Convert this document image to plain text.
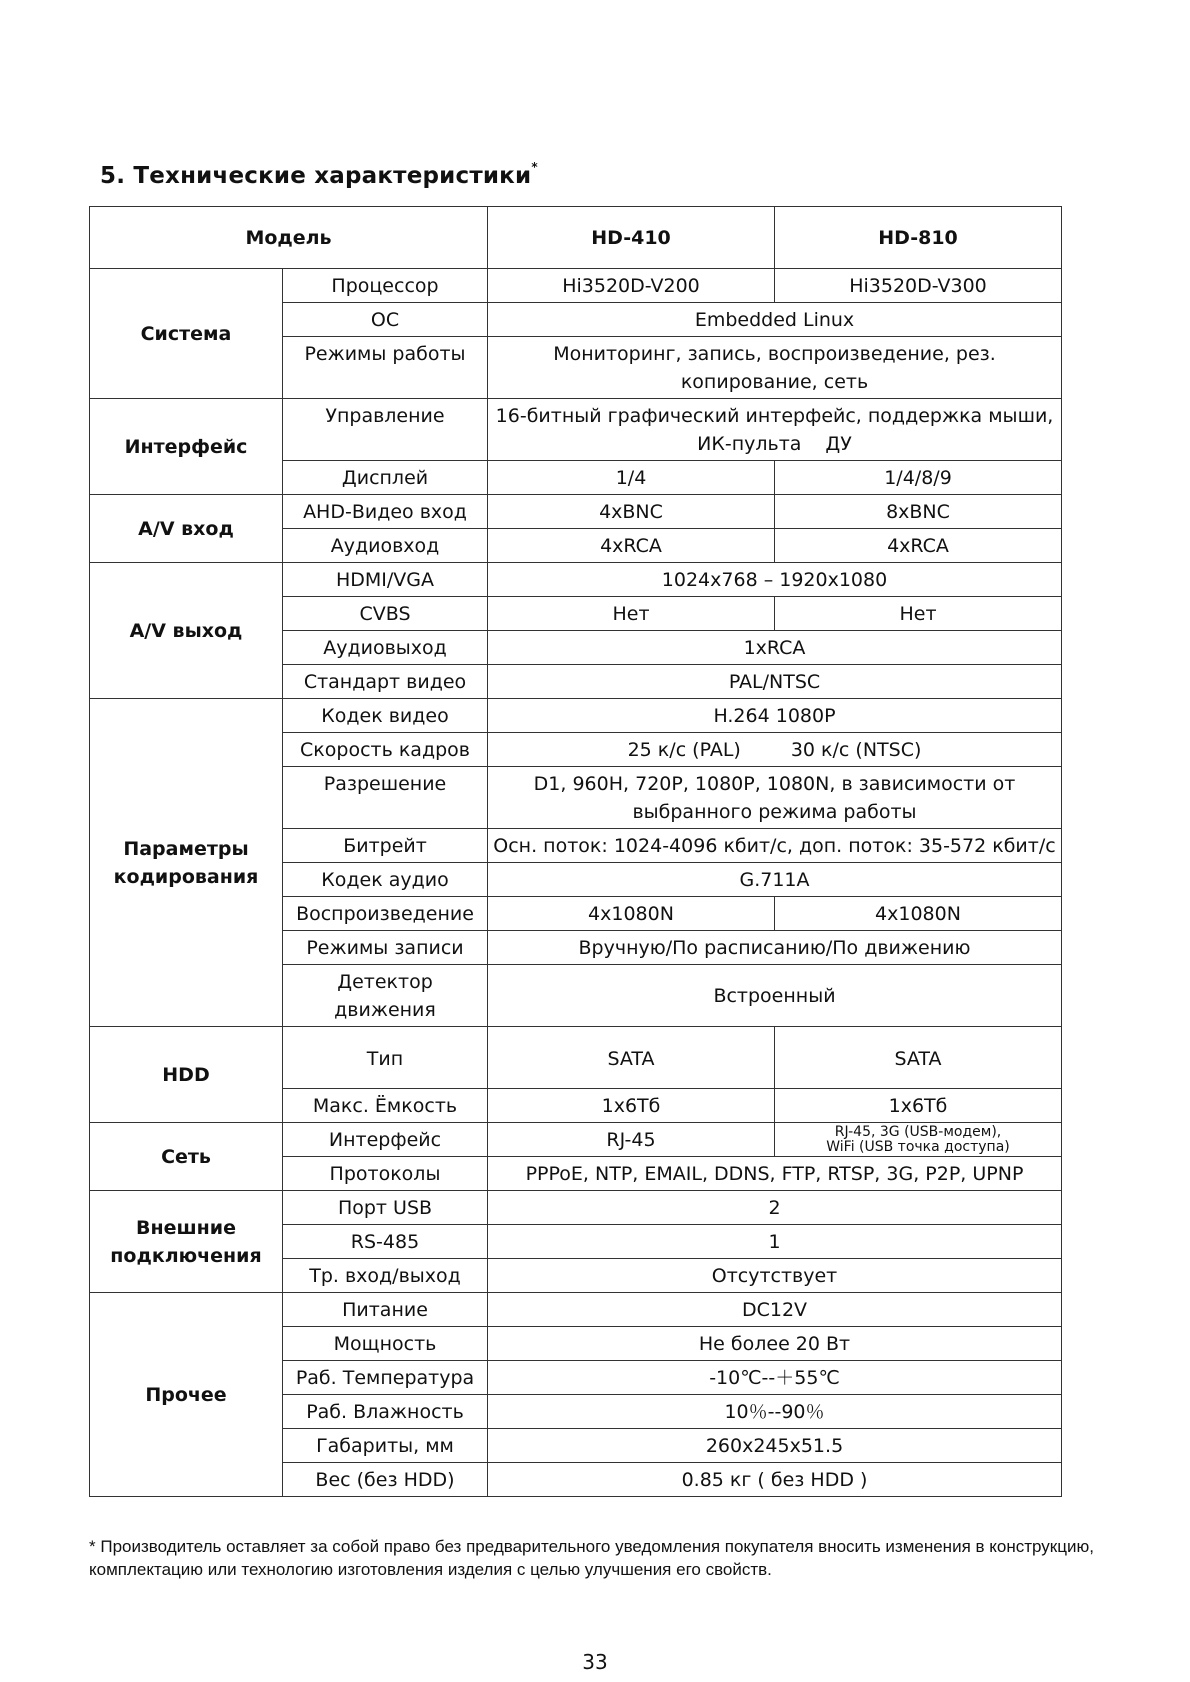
5. Технические характеристики*
Модель		HD-410	HD-810
Система	Процессор	Hi3520D-V200	Hi3520D-V300
	ОС	Embedded Linux	
	Режимы работы	Мониторинг, запись, воспроизведение, рез. копирование, сеть	
Интерфейс	Управление	16-битный графический интерфейс, поддержка мыши, ИК-пульта ДУ	
	Дисплей	1/4	1/4/8/9
A/V вход	AHD-Видео вход	4xBNC	8xBNC
	Аудиовход	4xRCA	4xRCA
A/V выход	HDMI/VGA	1024x768 – 1920x1080	
	CVBS	Нет	Нет
	Аудиовыход	1xRCA	
	Стандарт видео	PAL/NTSC	
Параметры кодирования	Кодек видео	H.264 1080P	
	Скорость кадров	25 к/с (PAL) 30 к/с (NTSC)	
	Разрешение	D1, 960H, 720P, 1080P, 1080N, в зависимости от выбранного режима работы	
	Битрейт	Осн. поток: 1024-4096 кбит/с, доп. поток: 35-572 кбит/с	
	Кодек аудио	G.711A	
	Воспроизведение	4x1080N	4x1080N
	Режимы записи	Вручную/По расписанию/По движению	
	Детектор движения	Встроенный	
HDD	Тип	SATA	SATA
	Макс. Ёмкость	1x6Тб	1x6Тб
Сеть	Интерфейс	RJ-45	RJ-45, 3G (USB-модем),
WiFi (USB точка доступа)

	Протоколы	PPPoE, NTP, EMAIL, DDNS, FTP, RTSP, 3G, P2P, UPNP	
Внешние подключения	Порт USB	2	
	RS-485	1	
	Тр. вход/выход	Отсутствует	
Прочее	Питание	DC12V	
	Мощность	Не более 20 Вт	
	Раб. Температура	-10℃--＋55℃	
	Раб. Влажность	10％--90％	
	Габариты, мм	260x245x51.5	
	Вес (без HDD)	0.85 кг ( без HDD )	
* Производитель оставляет за собой право без предварительного уведомления покупателя вносить изменения в конструкцию, комплектацию или технологию изготовления изделия с целью улучшения его свойств.
33
